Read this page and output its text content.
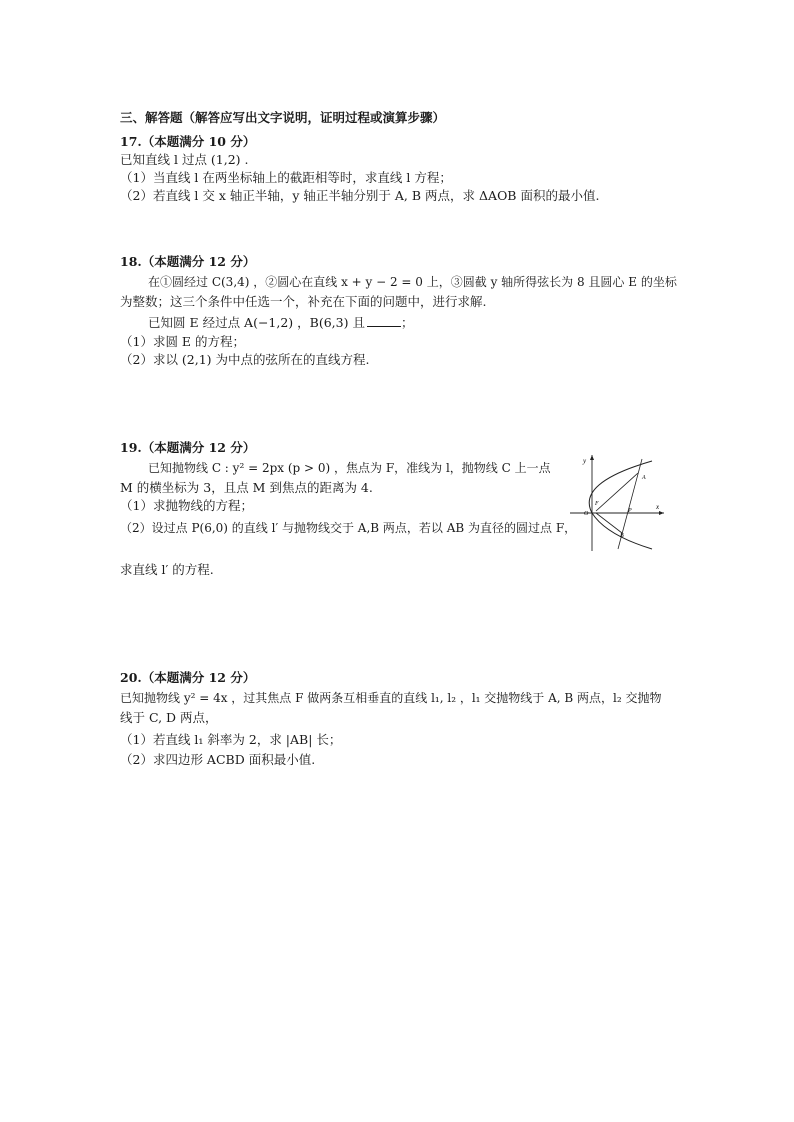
三、解答题（解答应写出文字说明，证明过程或演算步骤）
17.（本题满分 10 分）
已知直线 l 过点 (1,2) .
（1）当直线 l 在两坐标轴上的截距相等时，求直线 l 方程；
（2）若直线 l 交 x 轴正半轴，y 轴正半轴分别于 A, B 两点，求 ΔAOB 面积的最小值.
18.（本题满分 12 分）
在①圆经过 C(3,4) ，②圆心在直线 x + y − 2 = 0 上，③圆截 y 轴所得弦长为 8 且圆心 E 的坐标
为整数；这三个条件中任选一个，补充在下面的问题中，进行求解.
已知圆 E 经过点 A(−1,2) ，B(6,3) 且	；
（1）求圆 E 的方程；
（2）求以 (2,1) 为中点的弦所在的直线方程.
19.（本题满分 12 分）
已知抛物线 C : y² = 2px (p > 0) ，焦点为 F，准线为 l，抛物线 C 上一点
M 的横坐标为 3，且点 M 到焦点的距离为 4.
（1）求抛物线的方程；
（2）设过点 P(6,0) 的直线 l′ 与抛物线交于 A,B 两点，若以 AB 为直径的圆过点 F，
求直线 l′ 的方程.
y
x
O
F
P
A
B
20.（本题满分 12 分）
已知抛物线 y² = 4x ，过其焦点 F 做两条互相垂直的直线 l₁, l₂ ，l₁ 交抛物线于 A, B 两点，l₂ 交抛物
线于 C, D 两点，
（1）若直线 l₁ 斜率为 2，求 |AB| 长；
（2）求四边形 ACBD 面积最小值.
